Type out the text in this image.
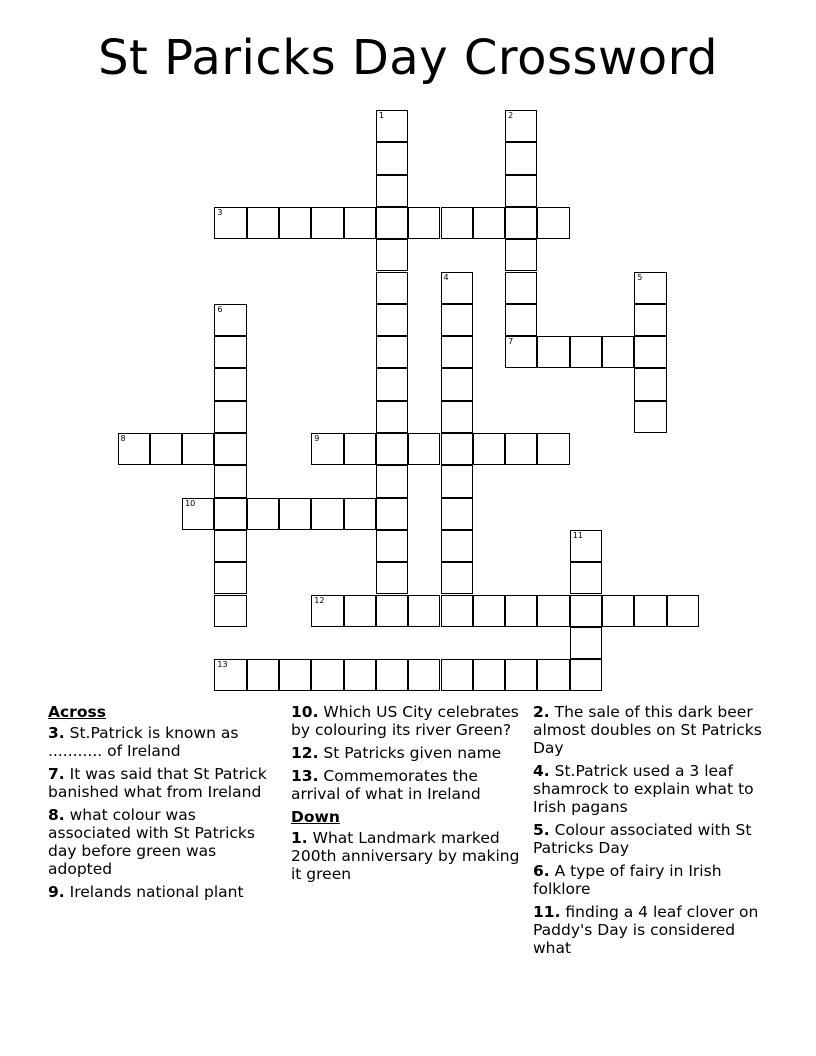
St Paricks Day Crossword
1	2
3
4	5
6
7
8	9
10
11
12
13
Across
3. St.Patrick is known as ........... of Ireland
7. It was said that St Patrick banished what from Ireland
8. what colour was associated with St Patricks day before green was adopted
9. Irelands national plant
10. Which US City celebrates by colouring its river Green?
12. St Patricks given name
13. Commemorates the arrival of what in Ireland
Down
1. What Landmark marked 200th anniversary by making it green
2. The sale of this dark beer almost doubles on St Patricks Day
4. St.Patrick used a 3 leaf shamrock to explain what to Irish pagans
5. Colour associated with St Patricks Day
6. A type of fairy in Irish folklore
11. finding a 4 leaf clover on Paddy's Day is considered what
